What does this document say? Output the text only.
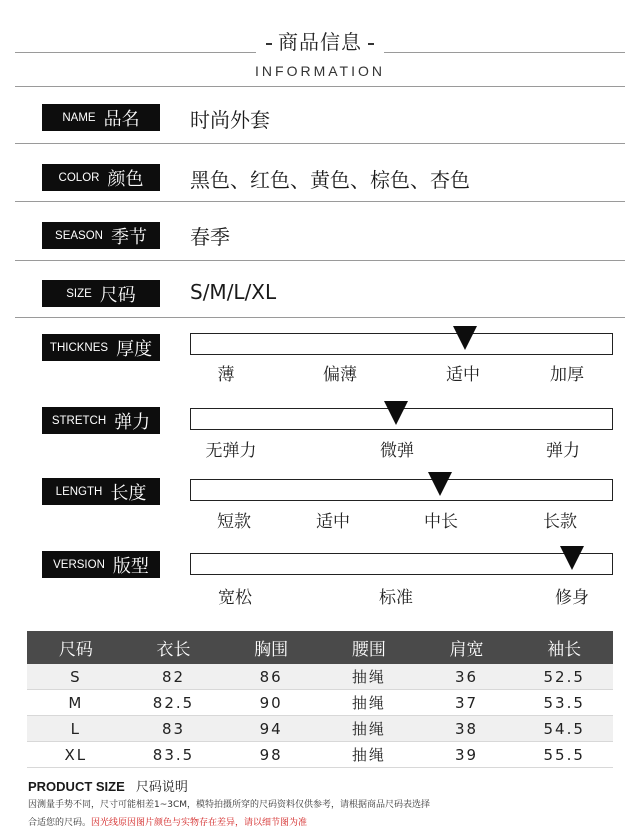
商品信息
INFORMATION
NAME 品名	时尚外套
COLOR 颜色 黑色、红色、黄色、棕色、杏色
SEASON 季节 春季
SIZE 尺码	S/M/L/XL
THICKNES 厚度
薄	偏薄	适中	加厚
STRETCH 弹力
无弹力	微弹	弹力
LENGTH 长度
短款	适中	中长	长款
VERSION 版型
宽松	标准	修身
尺码	衣长	胸围	腰围	肩宽	袖长
S	82	86	抽绳	36	52.5
M	82.5	90	抽绳	37	53.5
L	83	94	抽绳	38	54.5
XL	83.5	98	抽绳	39	55.5
PRODUCT SIZE 尺码说明
因测量手势不同，尺寸可能相差1~3CM，模特拍摄所穿的尺码资料仅供参考，请根据商品尺码表选择
合适您的尺码。因光线原因图片颜色与实物存在差异，请以细节图为准
